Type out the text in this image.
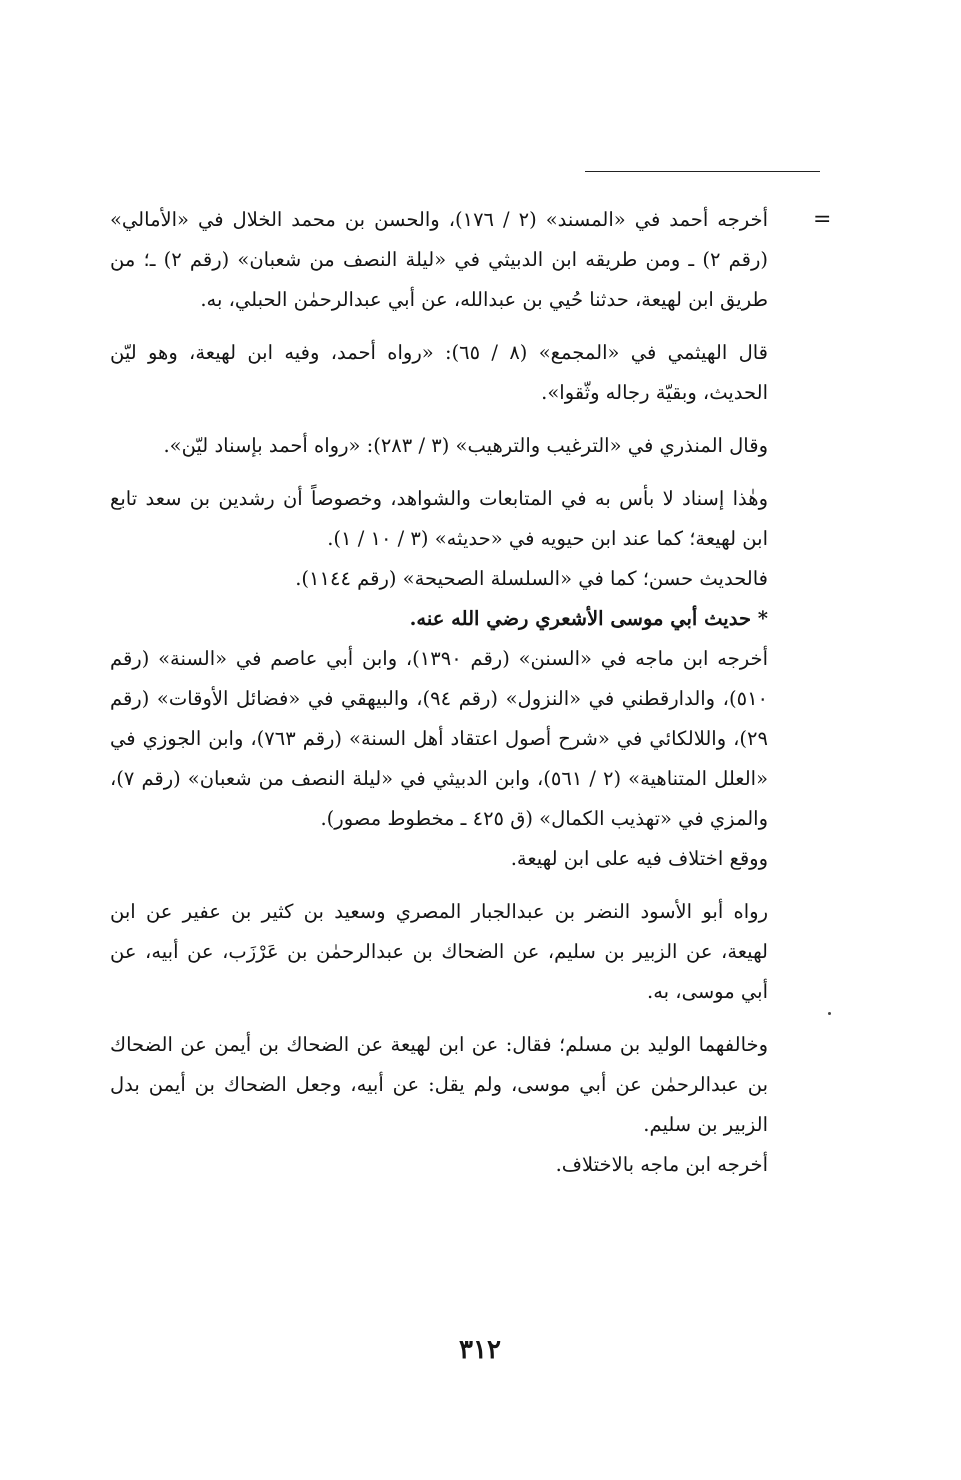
=

أخرجه أحمد في «المسند» (٢ / ١٧٦)، والحسن بن محمد الخلال في «الأمالي» (رقم ٢) ـ ومن طريقه ابن الدبيثي في «ليلة النصف من شعبان» (رقم ٢) ـ؛ من طريق ابن لهيعة، حدثنا حُيي بن عبدالله، عن أبي عبدالرحمٰن الحبلي، به.

قال الهيثمي في «المجمع» (٨ / ٦٥): «رواه أحمد، وفيه ابن لهيعة، وهو ليّن الحديث، وبقيّة رجاله وثّقوا».

وقال المنذري في «الترغيب والترهيب» (٣ / ٢٨٣): «رواه أحمد بإسناد ليّن».

وهٰذا إسناد لا بأس به في المتابعات والشواهد، وخصوصاً أن رشدين بن سعد تابع ابن لهيعة؛ كما عند ابن حيويه في «حديثه» (٣ / ١٠ / ١).

فالحديث حسن؛ كما في «السلسلة الصحيحة» (رقم ١١٤٤).

* حديث أبي موسى الأشعري رضي الله عنه.

أخرجه ابن ماجه في «السنن» (رقم ١٣٩٠)، وابن أبي عاصم في «السنة» (رقم ٥١٠)، والدارقطني في «النزول» (رقم ٩٤)، والبيهقي في «فضائل الأوقات» (رقم ٢٩)، واللالكائي في «شرح أصول اعتقاد أهل السنة» (رقم ٧٦٣)، وابن الجوزي في «العلل المتناهية» (٢ / ٥٦١)، وابن الدبيثي في «ليلة النصف من شعبان» (رقم ٧)، والمزي في «تهذيب الكمال» (ق ٤٢٥ ـ مخطوط مصور).

ووقع اختلاف فيه على ابن لهيعة.

رواه أبو الأسود النضر بن عبدالجبار المصري وسعيد بن كثير بن عفير عن ابن لهيعة، عن الزبير بن سليم، عن الضحاك بن عبدالرحمٰن بن عَرْزَب، عن أبيه، عن أبي موسى، به.

وخالفهما الوليد بن مسلم؛ فقال: عن ابن لهيعة عن الضحاك بن أيمن عن الضحاك بن عبدالرحمٰن عن أبي موسى، ولم يقل: عن أبيه، وجعل الضحاك بن أيمن بدل الزبير بن سليم.

أخرجه ابن ماجه بالاختلاف.

٣١٢
